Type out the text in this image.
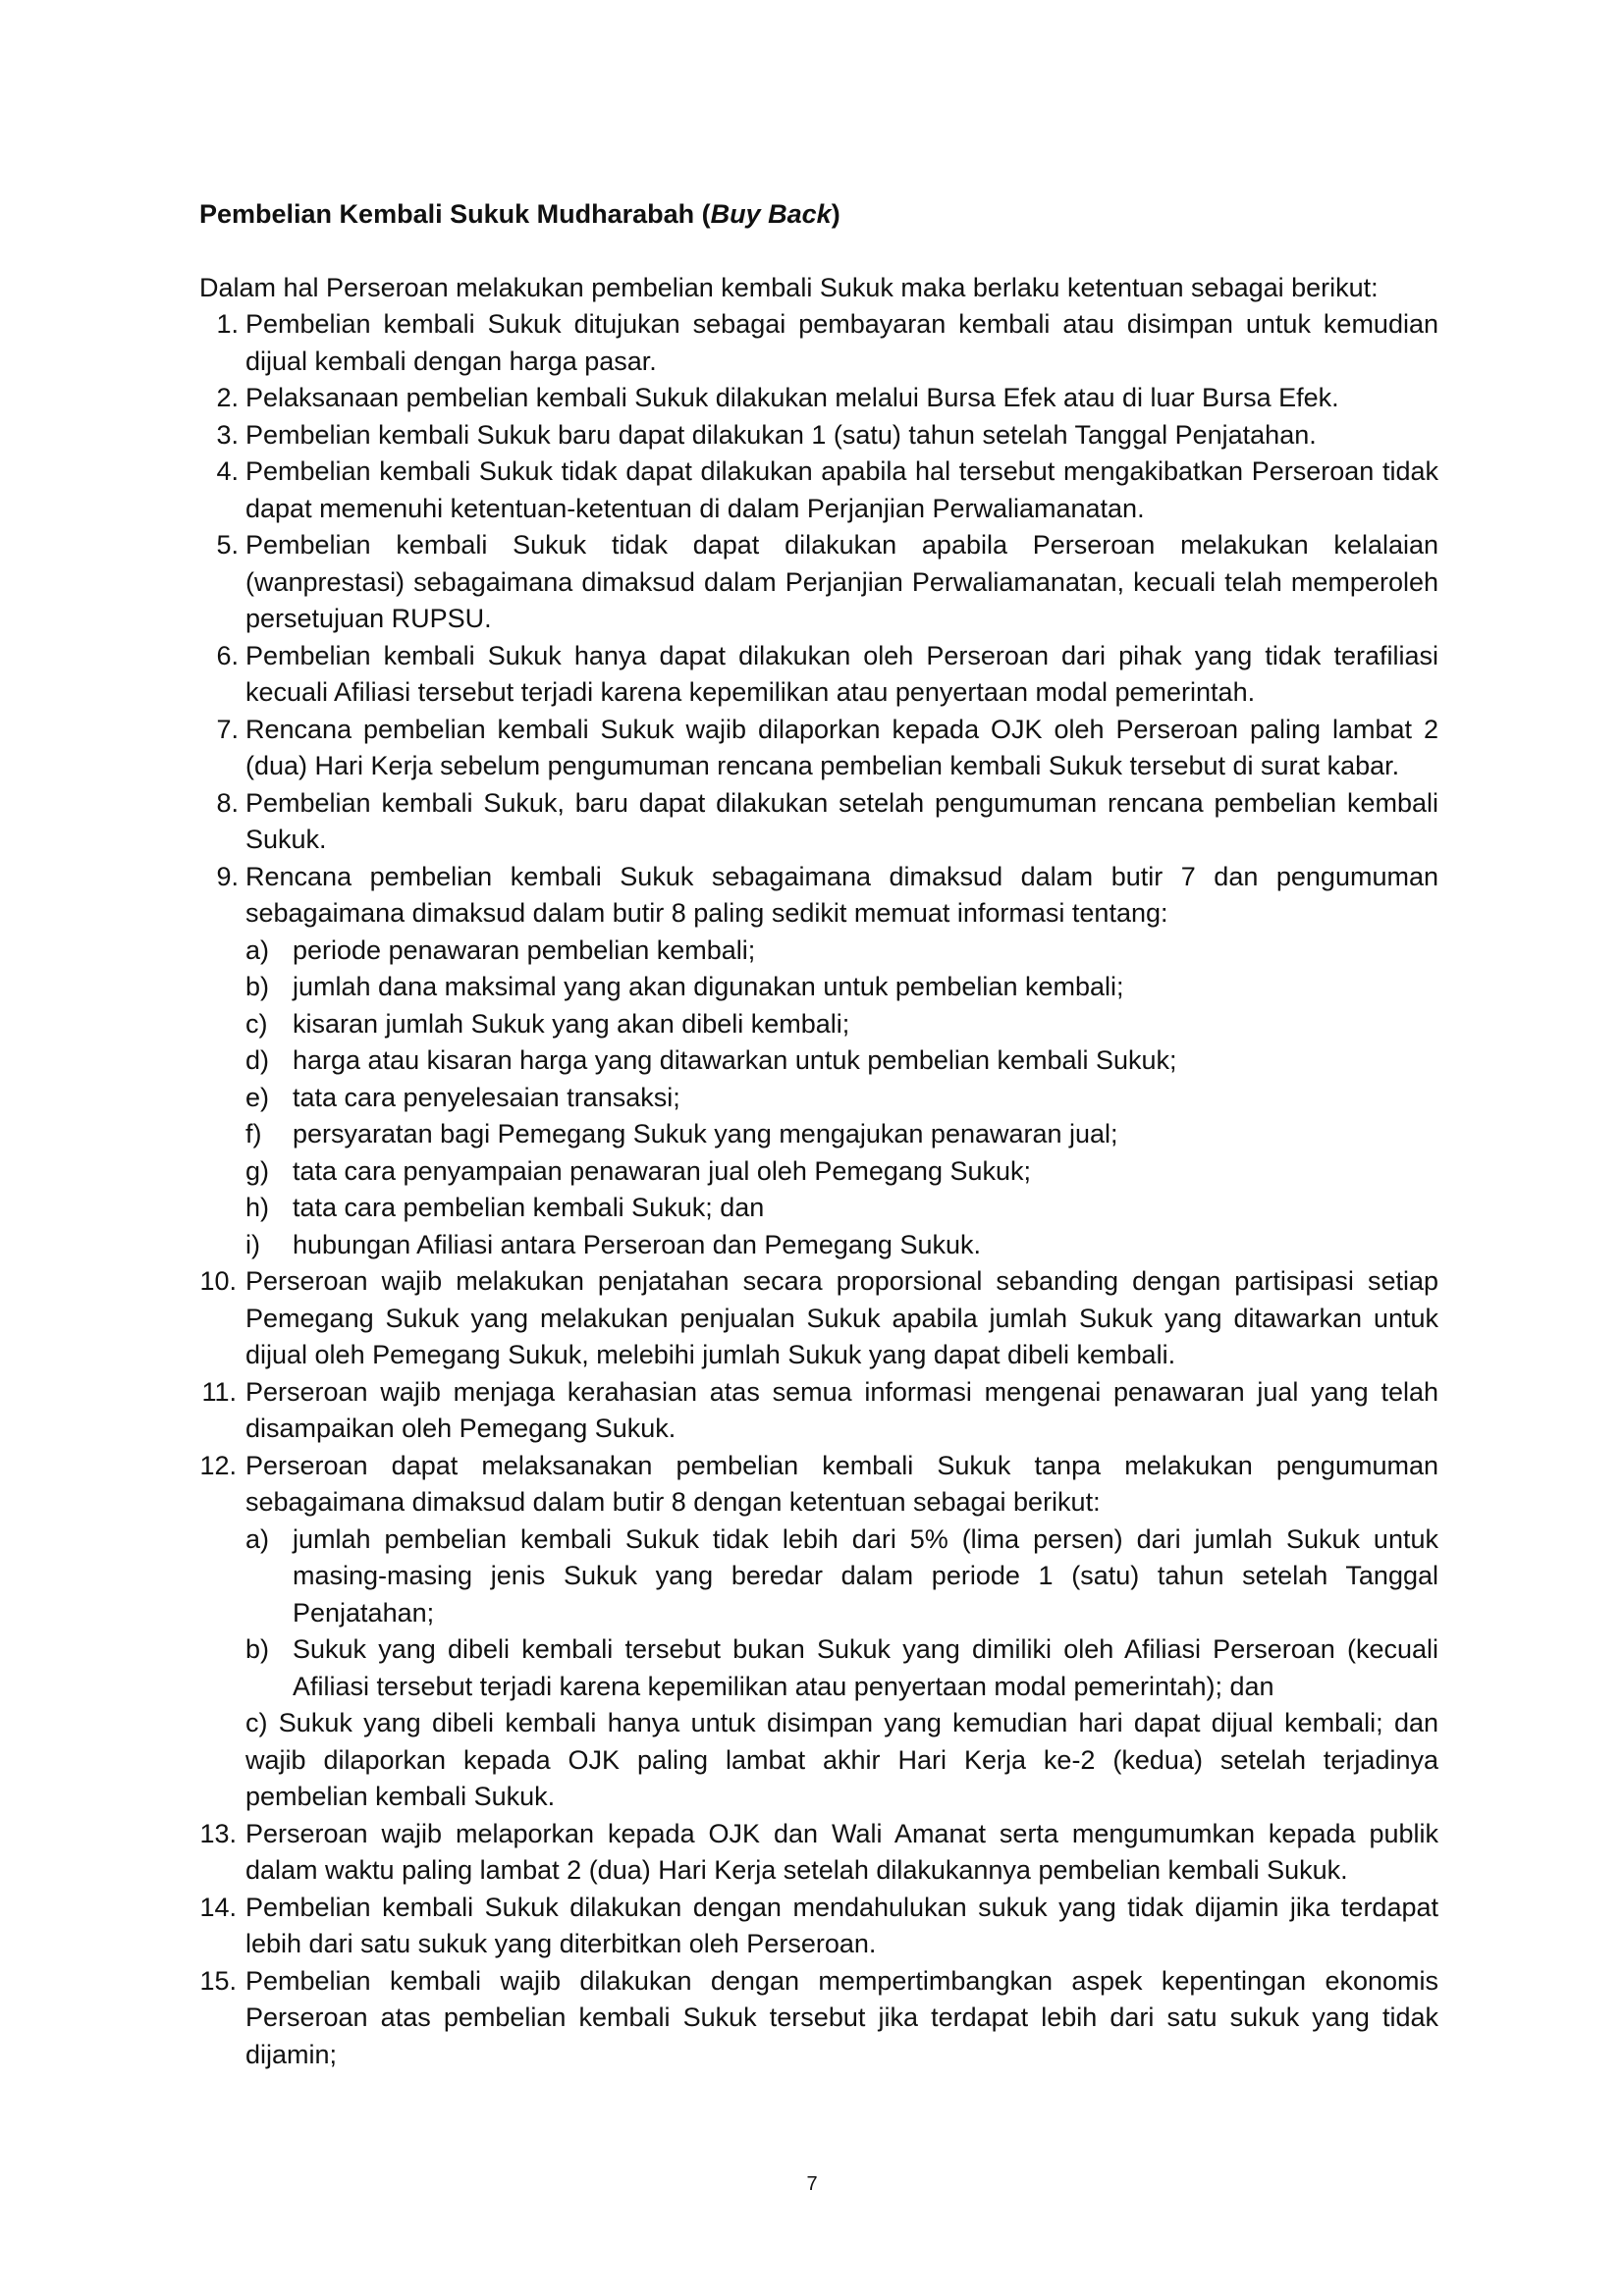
Pembelian Kembali Sukuk Mudharabah (Buy Back)

Dalam hal Perseroan melakukan pembelian kembali Sukuk maka berlaku ketentuan sebagai berikut:

1. Pembelian kembali Sukuk ditujukan sebagai pembayaran kembali atau disimpan untuk kemudian dijual kembali dengan harga pasar.
2. Pelaksanaan pembelian kembali Sukuk dilakukan melalui Bursa Efek atau di luar Bursa Efek.
3. Pembelian kembali Sukuk baru dapat dilakukan 1 (satu) tahun setelah Tanggal Penjatahan.
4. Pembelian kembali Sukuk tidak dapat dilakukan apabila hal tersebut mengakibatkan Perseroan tidak dapat memenuhi ketentuan-ketentuan di dalam Perjanjian Perwaliamanatan.
5. Pembelian kembali Sukuk tidak dapat dilakukan apabila Perseroan melakukan kelalaian (wanprestasi) sebagaimana dimaksud dalam Perjanjian Perwaliamanatan, kecuali telah memperoleh persetujuan RUPSU.
6. Pembelian kembali Sukuk hanya dapat dilakukan oleh Perseroan dari pihak yang tidak terafiliasi kecuali Afiliasi tersebut terjadi karena kepemilikan atau penyertaan modal pemerintah.
7. Rencana pembelian kembali Sukuk wajib dilaporkan kepada OJK oleh Perseroan paling lambat 2 (dua) Hari Kerja sebelum pengumuman rencana pembelian kembali Sukuk tersebut di surat kabar.
8. Pembelian kembali Sukuk, baru dapat dilakukan setelah pengumuman rencana pembelian kembali Sukuk.
9. Rencana pembelian kembali Sukuk sebagaimana dimaksud dalam butir 7 dan pengumuman sebagaimana dimaksud dalam butir 8 paling sedikit memuat informasi tentang:
a) periode penawaran pembelian kembali;
b) jumlah dana maksimal yang akan digunakan untuk pembelian kembali;
c) kisaran jumlah Sukuk yang akan dibeli kembali;
d) harga atau kisaran harga yang ditawarkan untuk pembelian kembali Sukuk;
e) tata cara penyelesaian transaksi;
f) persyaratan bagi Pemegang Sukuk yang mengajukan penawaran jual;
g) tata cara penyampaian penawaran jual oleh Pemegang Sukuk;
h) tata cara pembelian kembali Sukuk; dan
i) hubungan Afiliasi antara Perseroan dan Pemegang Sukuk.
10. Perseroan wajib melakukan penjatahan secara proporsional sebanding dengan partisipasi setiap Pemegang Sukuk yang melakukan penjualan Sukuk apabila jumlah Sukuk yang ditawarkan untuk dijual oleh Pemegang Sukuk, melebihi jumlah Sukuk yang dapat dibeli kembali.
11. Perseroan wajib menjaga kerahasian atas semua informasi mengenai penawaran jual yang telah disampaikan oleh Pemegang Sukuk.
12. Perseroan dapat melaksanakan pembelian kembali Sukuk tanpa melakukan pengumuman sebagaimana dimaksud dalam butir 8 dengan ketentuan sebagai berikut:
a) jumlah pembelian kembali Sukuk tidak lebih dari 5% (lima persen) dari jumlah Sukuk untuk masing-masing jenis Sukuk yang beredar dalam periode 1 (satu) tahun setelah Tanggal Penjatahan;
b) Sukuk yang dibeli kembali tersebut bukan Sukuk yang dimiliki oleh Afiliasi Perseroan (kecuali Afiliasi tersebut terjadi karena kepemilikan atau penyertaan modal pemerintah); dan
c) Sukuk yang dibeli kembali hanya untuk disimpan yang kemudian hari dapat dijual kembali; dan wajib dilaporkan kepada OJK paling lambat akhir Hari Kerja ke-2 (kedua) setelah terjadinya pembelian kembali Sukuk.
13. Perseroan wajib melaporkan kepada OJK dan Wali Amanat serta mengumumkan kepada publik dalam waktu paling lambat 2 (dua) Hari Kerja setelah dilakukannya pembelian kembali Sukuk.
14. Pembelian kembali Sukuk dilakukan dengan mendahulukan sukuk yang tidak dijamin jika terdapat lebih dari satu sukuk yang diterbitkan oleh Perseroan.
15. Pembelian kembali wajib dilakukan dengan mempertimbangkan aspek kepentingan ekonomis Perseroan atas pembelian kembali Sukuk tersebut jika terdapat lebih dari satu sukuk yang tidak dijamin;
7
